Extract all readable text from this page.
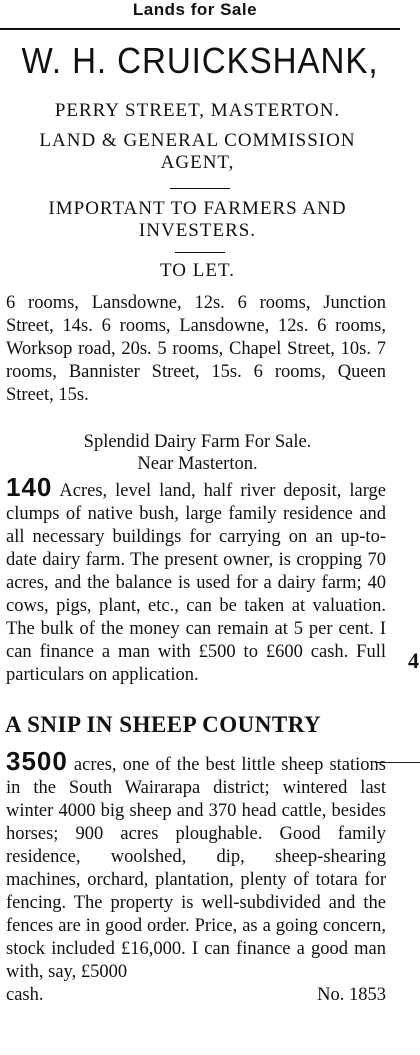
Lands for Sale
W. H. CRUICKSHANK,
PERRY STREET, MASTERTON.
LAND & GENERAL COMMISSION
AGENT,
IMPORTANT TO FARMERS AND
INVESTERS.
TO LET.

6 rooms, Lansdowne, 12s. 6 rooms, Junction Street, 14s. 6 rooms, Lansdowne, 12s. 6 rooms, Worksop road, 20s. 5 rooms, Chapel Street, 10s. 7 rooms, Bannister Street, 15s. 6 rooms, Queen Street, 15s.

Splendid Dairy Farm For Sale.
Near Masterton.

140 Acres, level land, half river deposit, large clumps of native bush, large family residence and all necessary buildings for carrying on an up-to-date dairy farm. The present owner, is cropping 70 acres, and the balance is used for a dairy farm; 40 cows, pigs, plant, etc., can be taken at valuation. The bulk of the money can remain at 5 per cent. I can finance a man with £500 to £600 cash. Full particulars on application.

4
A SNIP IN SHEEP COUNTRY

3500 acres, one of the best little sheep stations in the South Wairarapa district; wintered last winter 4000 big sheep and 370 head cattle, besides horses; 900 acres ploughable. Good family residence, woolshed, dip, sheep-shearing machines, orchard, plantation, plenty of totara for fencing. The property is well-subdivided and the fences are in good order. Price, as a going concern, stock included £16,000. I can finance a good man with, say, £5000

cash.	No. 1853
